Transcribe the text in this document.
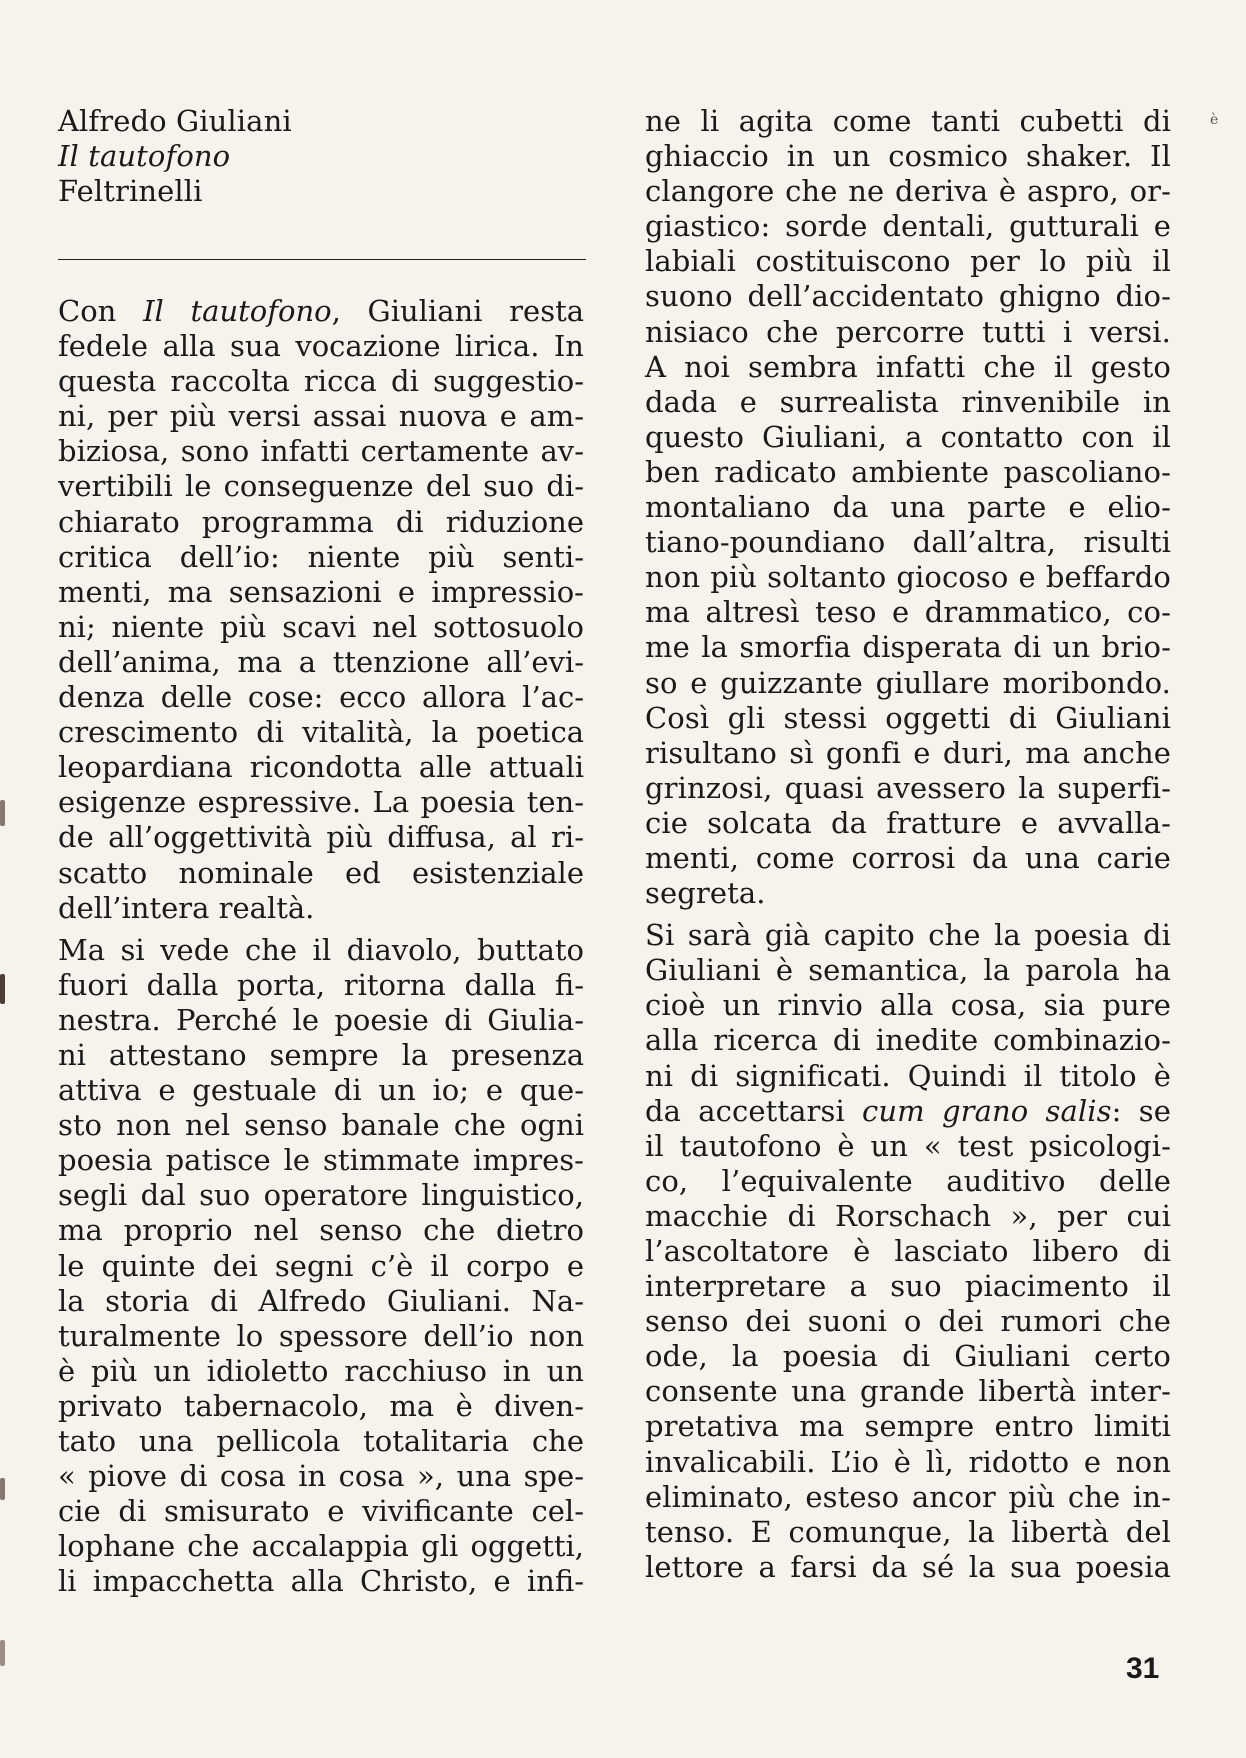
Alfredo Giuliani
Il tautofono
Feltrinelli
Con Il tautofono, Giuliani resta
fedele alla sua vocazione lirica. In
questa raccolta ricca di suggestio-
ni, per più versi assai nuova e am-
biziosa, sono infatti certamente av-
vertibili le conseguenze del suo di-
chiarato programma di riduzione
critica dell’io: niente più senti-
menti, ma sensazioni e impressio-
ni; niente più scavi nel sottosuolo
dell’anima, ma a ttenzione all’evi-
denza delle cose: ecco allora l’ac-
crescimento di vitalità, la poetica
leopardiana ricondotta alle attuali
esigenze espressive. La poesia ten-
de all’oggettività più diffusa, al ri-
scatto nominale ed esistenziale
dell’intera realtà.
Ma si vede che il diavolo, buttato
fuori dalla porta, ritorna dalla fi-
nestra. Perché le poesie di Giulia-
ni attestano sempre la presenza
attiva e gestuale di un io; e que-
sto non nel senso banale che ogni
poesia patisce le stimmate impres-
segli dal suo operatore linguistico,
ma proprio nel senso che dietro
le quinte dei segni c’è il corpo e
la storia di Alfredo Giuliani. Na-
turalmente lo spessore dell’io non
è più un idioletto racchiuso in un
privato tabernacolo, ma è diven-
tato una pellicola totalitaria che
« piove di cosa in cosa », una spe-
cie di smisurato e vivificante cel-
lophane che accalappia gli oggetti,
li impacchetta alla Christo, e infi-
ne li agita come tanti cubetti di
ghiaccio in un cosmico shaker. Il
clangore che ne deriva è aspro, or-
giastico: sorde dentali, gutturali e
labiali costituiscono per lo più il
suono dell’accidentato ghigno dio-
nisiaco che percorre tutti i versi.
A noi sembra infatti che il gesto
dada e surrealista rinvenibile in
questo Giuliani, a contatto con il
ben radicato ambiente pascoliano-
montaliano da una parte e elio-
tiano-poundiano dall’altra, risulti
non più soltanto giocoso e beffardo
ma altresì teso e drammatico, co-
me la smorfia disperata di un brio-
so e guizzante giullare moribondo.
Così gli stessi oggetti di Giuliani
risultano sì gonfi e duri, ma anche
grinzosi, quasi avessero la superfi-
cie solcata da fratture e avvalla-
menti, come corrosi da una carie
segreta.
Si sarà già capito che la poesia di
Giuliani è semantica, la parola ha
cioè un rinvio alla cosa, sia pure
alla ricerca di inedite combinazio-
ni di significati. Quindi il titolo è
da accettarsi cum grano salis: se
il tautofono è un « test psicologi-
co, l’equivalente auditivo delle
macchie di Rorschach », per cui
l’ascoltatore è lasciato libero di
interpretare a suo piacimento il
senso dei suoni o dei rumori che
ode, la poesia di Giuliani certo
consente una grande libertà inter-
pretativa ma sempre entro limiti
invalicabili. L’io è lì, ridotto e non
eliminato, esteso ancor più che in-
tenso. E comunque, la libertà del
lettore a farsi da sé la sua poesia
è
31
